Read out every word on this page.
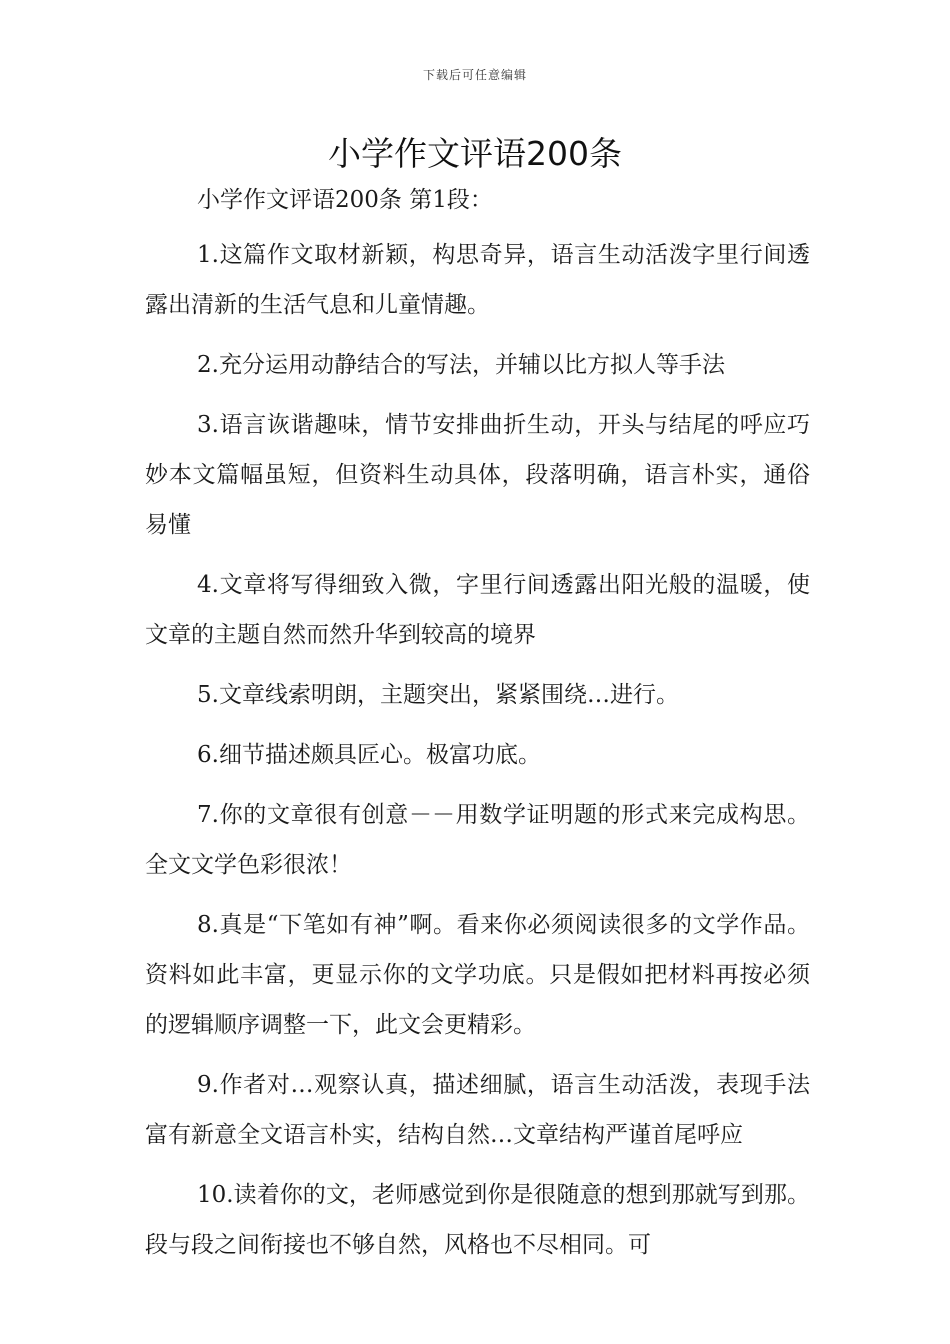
下载后可任意编辑
小学作文评语200条

小学作文评语200条 第1段：

1.这篇作文取材新颖，构思奇异，语言生动活泼字里行间透露出清新的生活气息和儿童情趣。

2.充分运用动静结合的写法，并辅以比方拟人等手法

3.语言诙谐趣味，情节安排曲折生动，开头与结尾的呼应巧妙本文篇幅虽短，但资料生动具体，段落明确，语言朴实，通俗易懂

4.文章将写得细致入微，字里行间透露出阳光般的温暖，使文章的主题自然而然升华到较高的境界

5.文章线索明朗，主题突出，紧紧围绕…进行。

6.细节描述颇具匠心。极富功底。

7.你的文章很有创意－－用数学证明题的形式来完成构思。全文文学色彩很浓！

8.真是“下笔如有神”啊。看来你必须阅读很多的文学作品。资料如此丰富，更显示你的文学功底。只是假如把材料再按必须的逻辑顺序调整一下，此文会更精彩。

9.作者对…观察认真，描述细腻，语言生动活泼，表现手法富有新意全文语言朴实，结构自然…文章结构严谨首尾呼应

10.读着你的文，老师感觉到你是很随意的想到那就写到那。段与段之间衔接也不够自然，风格也不尽相同。可
